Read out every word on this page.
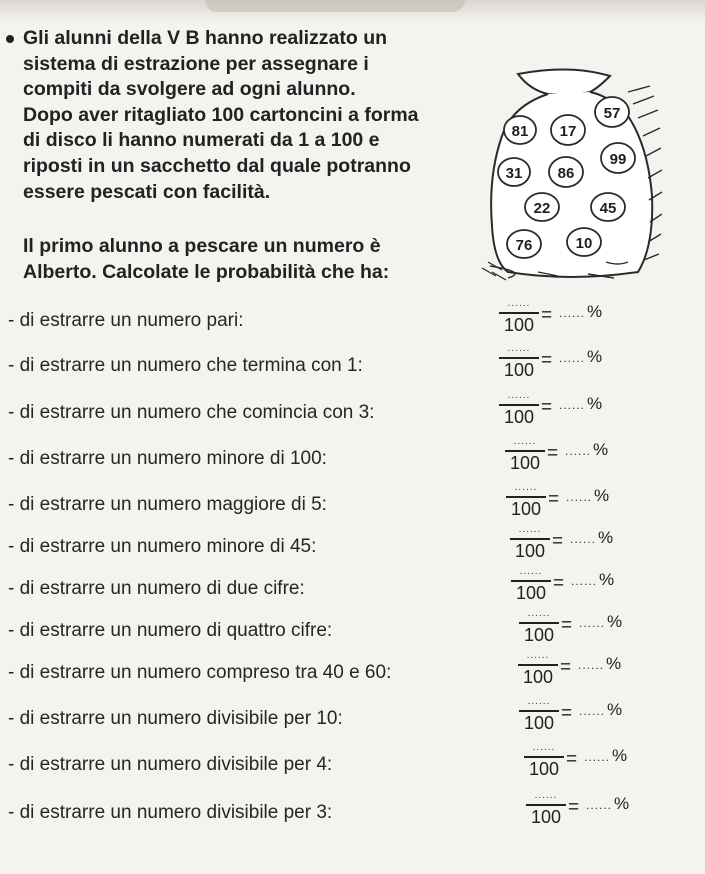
Gli alunni della V B hanno realizzato un
sistema di estrazione per assegnare i
compiti da svolgere ad ogni alunno.
Dopo aver ritagliato 100 cartoncini a forma
di disco li hanno numerati da 1 a 100 e
riposti in un sacchetto dal quale potranno
essere pescati con facilità.

Il primo alunno a pescare un numero è
Alberto. Calcolate le probabilità che ha:

57
81 17
31 86
99
22	45
76	10
- di estrarre un numero pari:
......
100 = ...... %
- di estrarre un numero che termina con 1:
......
100 = ...... %
- di estrarre un numero che comincia con 3:
......
100 = ...... %
- di estrarre un numero minore di 100:
......
100 = ...... %
- di estrarre un numero maggiore di 5:
......
100 = ...... %
- di estrarre un numero minore di 45:
......
100 = ...... %
- di estrarre un numero di due cifre:
......
100 = ...... %
- di estrarre un numero di quattro cifre:
......
100 = ...... %
- di estrarre un numero compreso tra 40 e 60:
......
100 = ...... %
- di estrarre un numero divisibile per 10:
......
100 = ...... %
- di estrarre un numero divisibile per 4:
......
100 = ...... %
- di estrarre un numero divisibile per 3:
......
100 = ...... %
